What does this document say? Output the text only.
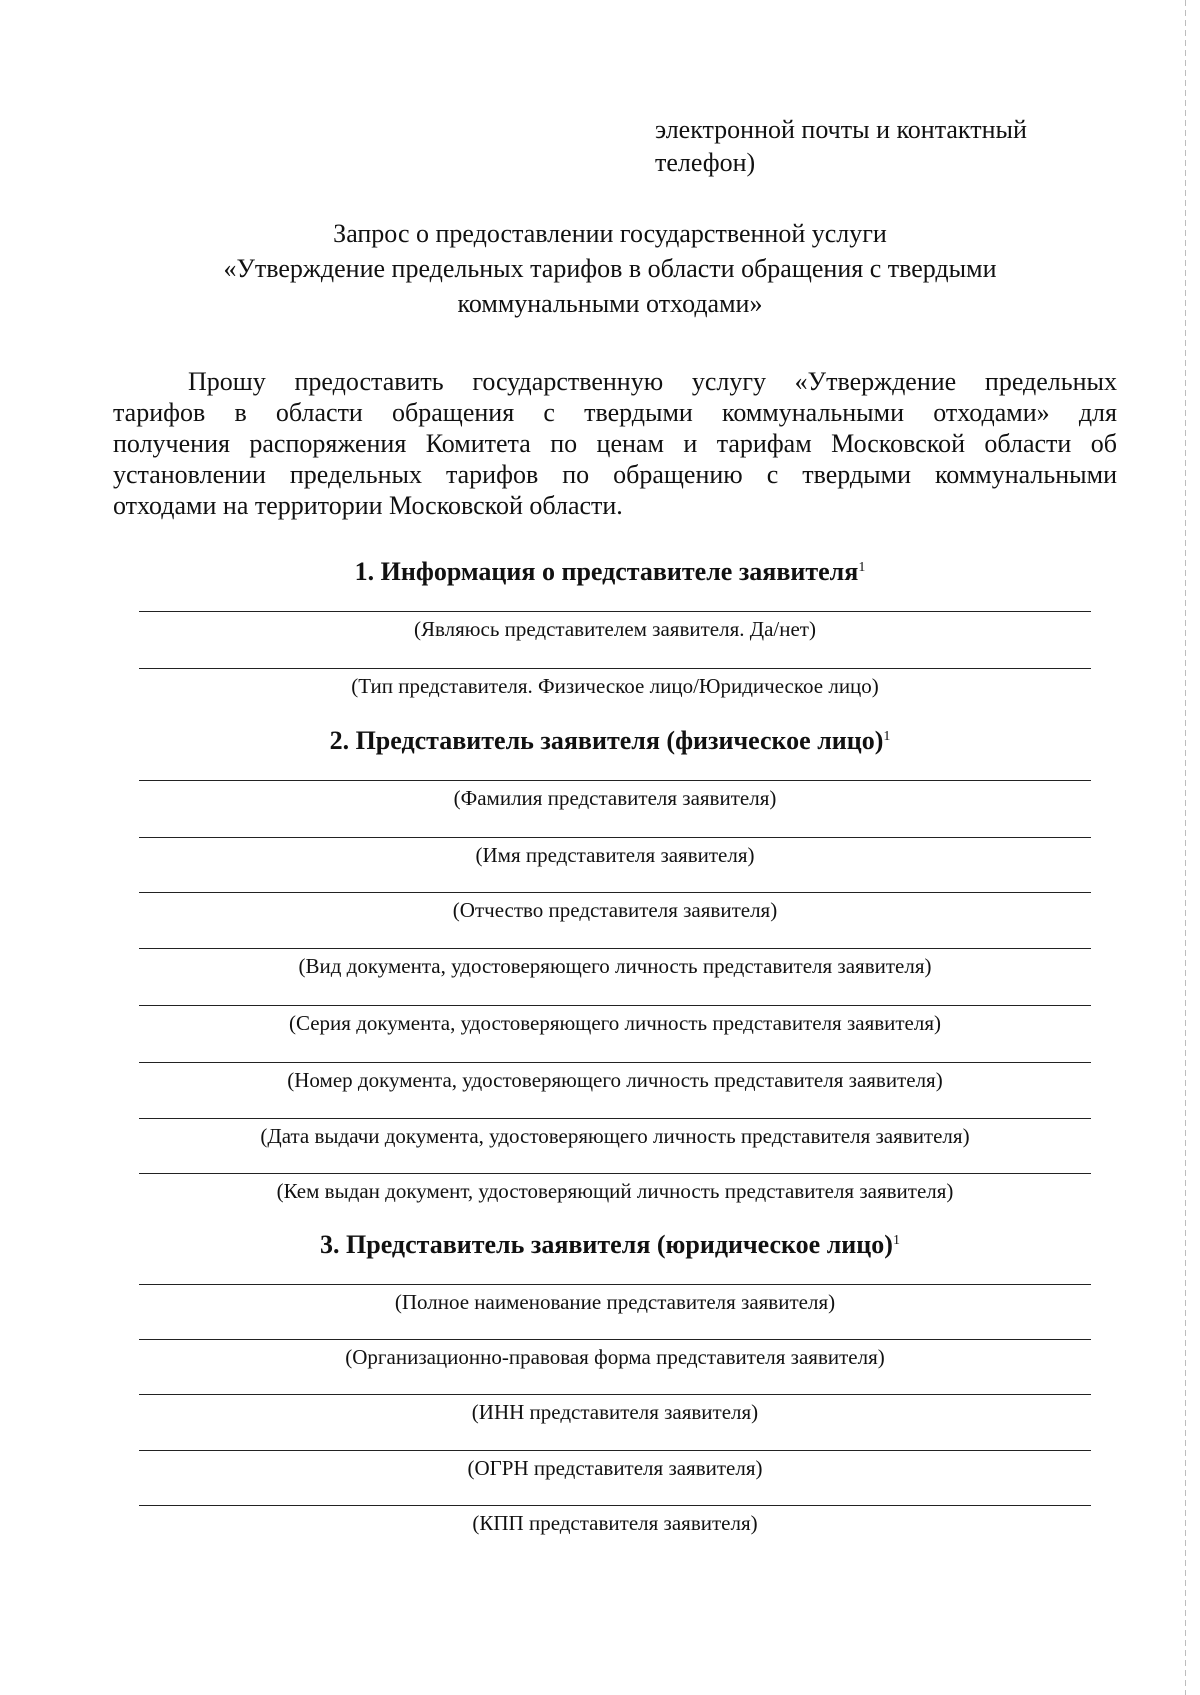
электронной почты и контактный
телефон)
Запрос о предоставлении государственной услуги
«Утверждение предельных тарифов в области обращения с твердыми
коммунальными отходами»
Прошу предоставить государственную услугу «Утверждение предельных
тарифов в области обращения с твердыми коммунальными отходами» для
получения распоряжения Комитета по ценам и тарифам Московской области об
установлении предельных тарифов по обращению с твердыми коммунальными
отходами на территории Московской области.
1. Информация о представителе заявителя$^1$
(Являюсь представителем заявителя. Да/нет)
(Тип представителя. Физическое лицо/Юридическое лицо)
2. Представитель заявителя (физическое лицо)$^1$
(Фамилия представителя заявителя)
(Имя представителя заявителя)
(Отчество представителя заявителя)
(Вид документа, удостоверяющего личность представителя заявителя)
(Серия документа, удостоверяющего личность представителя заявителя)
(Номер документа, удостоверяющего личность представителя заявителя)
(Дата выдачи документа, удостоверяющего личность представителя заявителя)
(Кем выдан документ, удостоверяющий личность представителя заявителя)
3. Представитель заявителя (юридическое лицо)$^1$
(Полное наименование представителя заявителя)
(Организационно-правовая форма представителя заявителя)
(ИНН представителя заявителя)
(ОГРН представителя заявителя)
(КПП представителя заявителя)
